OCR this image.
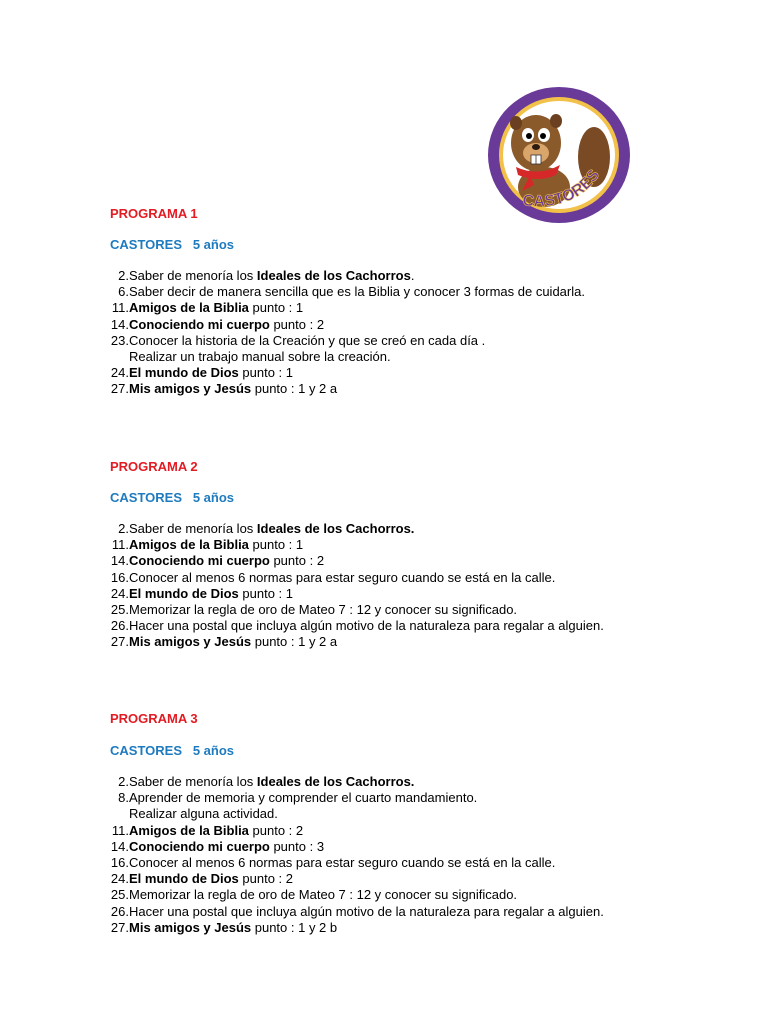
CASTORES
PROGRAMA 1
CASTORES   5 años
2. Saber de menoría los Ideales de los Cachorros.
6. Saber decir de manera sencilla que es la Biblia y conocer 3 formas de cuidarla.
11. Amigos de la Biblia punto : 1
14. Conociendo mi cuerpo punto : 2
23. Conocer la historia de la Creación y que se creó en cada día .
Realizar un trabajo manual sobre la creación.
24. El mundo de Dios punto : 1
27. Mis amigos y Jesús punto : 1 y 2 a
PROGRAMA 2
CASTORES   5 años
2. Saber de menoría los Ideales de los Cachorros.
11. Amigos de la Biblia punto : 1
14. Conociendo mi cuerpo punto : 2
16. Conocer al menos 6 normas para estar seguro cuando se está en la calle.
24. El mundo de Dios punto : 1
25. Memorizar la regla de oro de Mateo 7 : 12 y conocer su significado.
26. Hacer una postal que incluya algún motivo de la naturaleza para regalar a alguien.
27. Mis amigos y Jesús punto : 1 y 2 a
PROGRAMA 3
CASTORES   5 años
2. Saber de menoría los Ideales de los Cachorros.
8. Aprender de memoria y comprender el cuarto mandamiento.
Realizar alguna actividad.
11. Amigos de la Biblia punto : 2
14. Conociendo mi cuerpo punto : 3
16. Conocer al menos 6 normas para estar seguro cuando se está en la calle.
24. El mundo de Dios punto : 2
25. Memorizar la regla de oro de Mateo 7 : 12 y conocer su significado.
26. Hacer una postal que incluya algún motivo de la naturaleza para regalar a alguien.
27. Mis amigos y Jesús punto : 1 y 2 b
